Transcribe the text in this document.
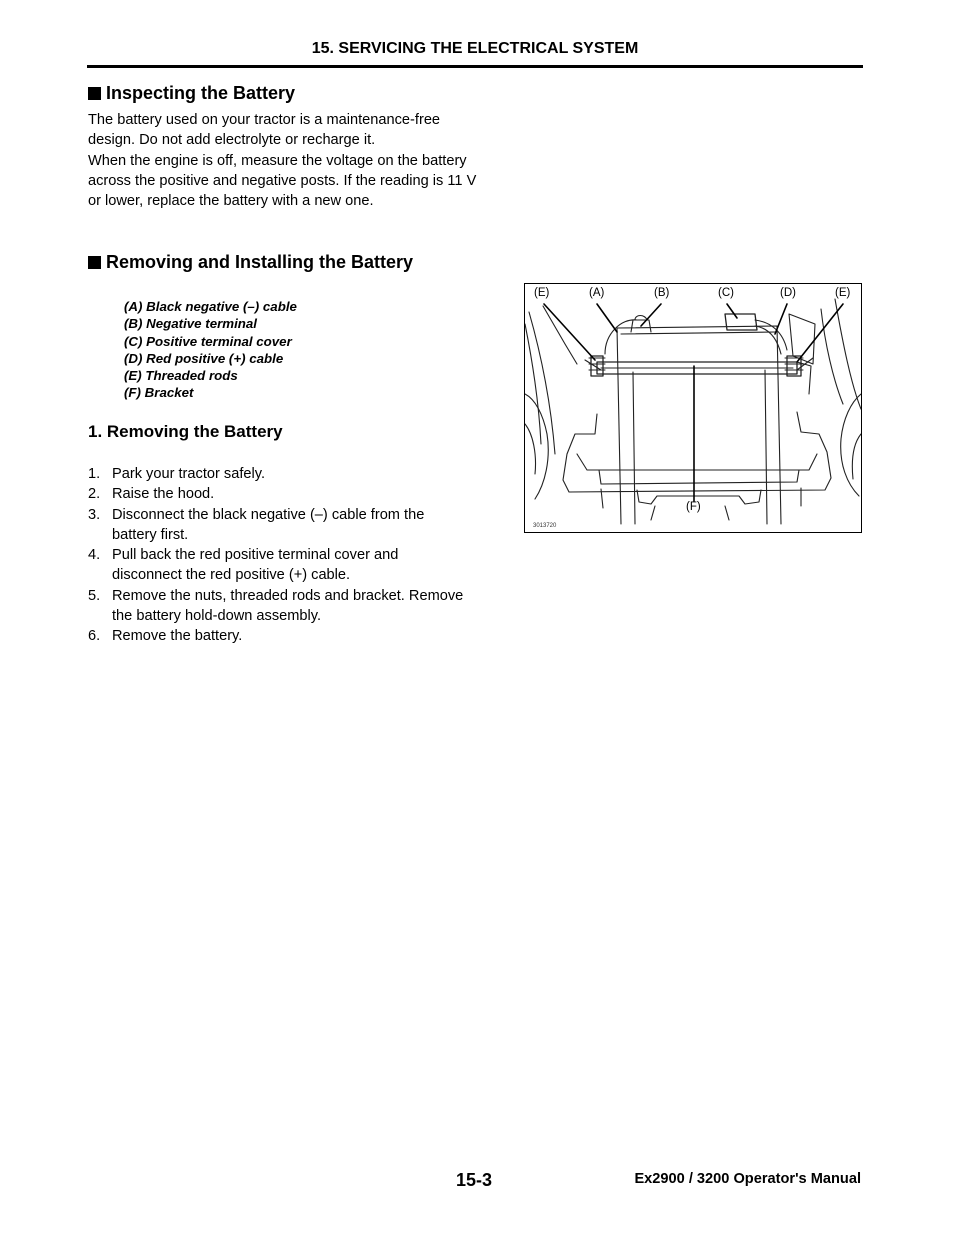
15. SERVICING THE ELECTRICAL SYSTEM
Inspecting the Battery

The battery used on your tractor is a maintenance-free design. Do not add electrolyte or recharge it.

When the engine is off, measure the voltage on the battery across the positive and negative posts. If the reading is 11 V or lower, replace the battery with a new one.

Removing and Installing the Battery
(A) Black negative (–) cable
(B) Negative terminal
(C) Positive terminal cover
(D) Red positive (+) cable
(E) Threaded rods
(F) Bracket
1. Removing the Battery
1. Park your tractor safely.
2. Raise the hood.
3. Disconnect the black negative (–) cable from the battery first.
4. Pull back the red positive terminal cover and disconnect the red positive (+) cable.
5. Remove the nuts, threaded rods and bracket. Remove the battery hold-down assembly.
6. Remove the battery.
(E)	(A)	(B)	(C)	(D)	(E)
(F)
3013720
15-3	Ex2900 / 3200 Operator's Manual
